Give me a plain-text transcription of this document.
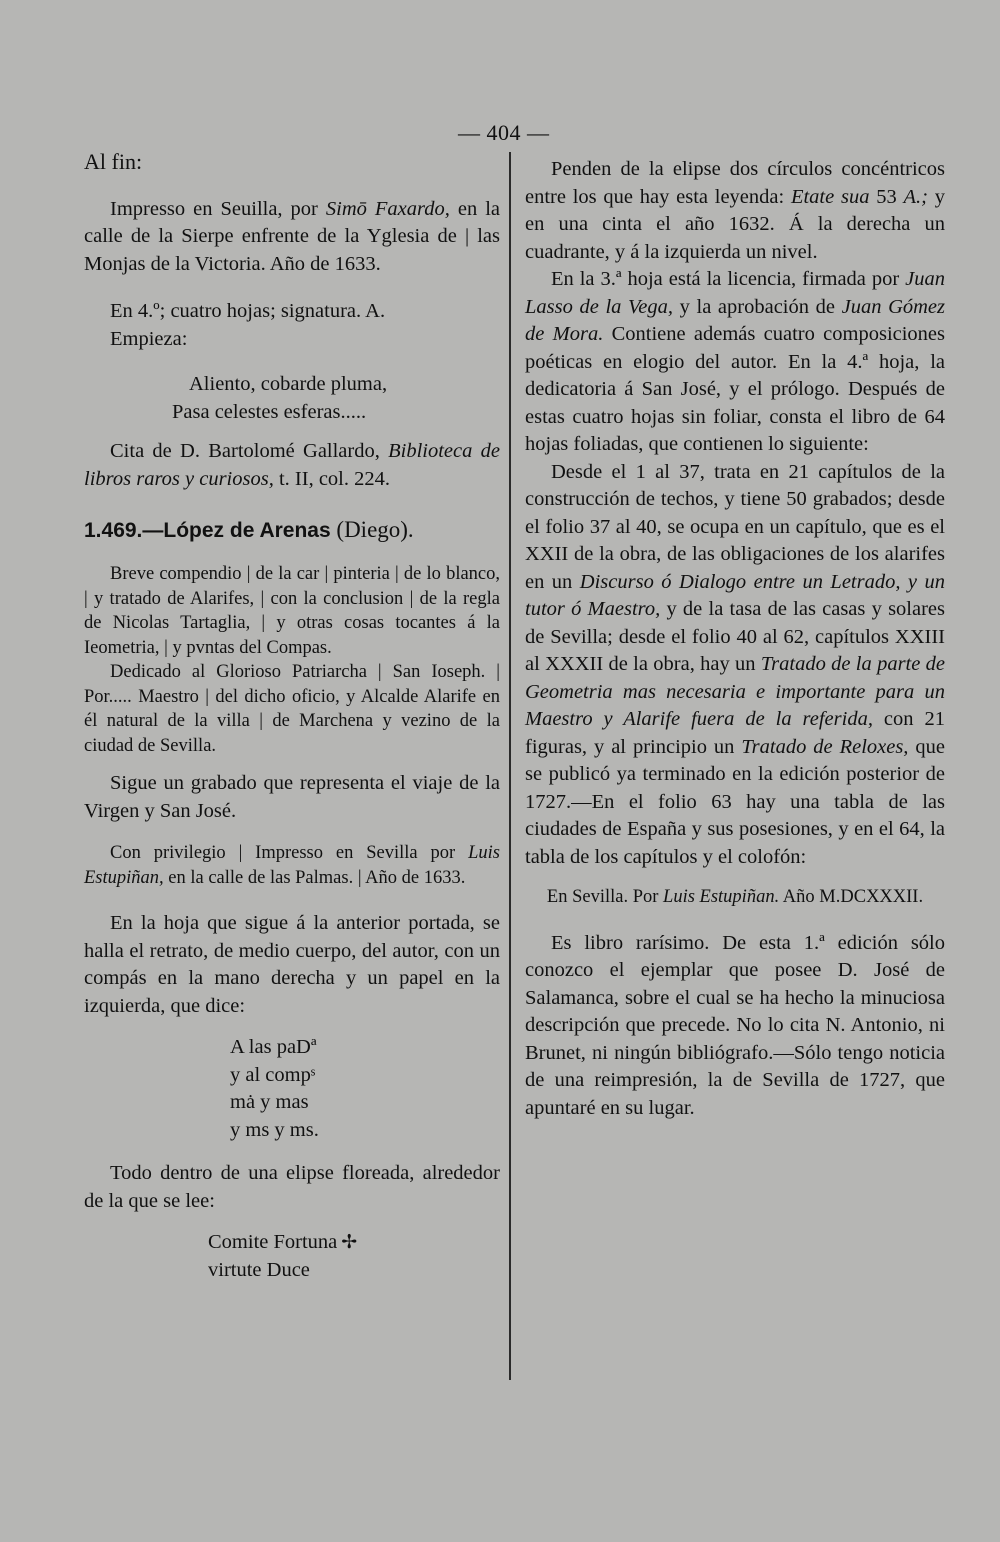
— 404 —

Al fin:

Impresso en Seuilla, por Simō Faxardo, en la calle de la Sierpe enfrente de la Yglesia de | las Monjas de la Victoria. Año de 1633.

En 4.º; cuatro hojas; signatura. A.

Empieza:

Aliento, cobarde pluma,

Pasa celestes esferas.....

Cita de D. Bartolomé Gallardo, Biblioteca de libros raros y curiosos, t. II, col. 224.

1.469.—López de Arenas (Diego).

Breve compendio | de la car | pinteria | de lo blanco, | y tratado de Alarifes, | con la conclusion | de la regla de Nicolas Tartaglia, | y otras cosas tocantes á la Ieometria, | y pvntas del Compas.

Dedicado al Glorioso Patriarcha | San Ioseph. | Por..... Maestro | del dicho oficio, y Alcalde Alarife en él natural de la villa | de Marchena y vezino de la ciudad de Sevilla.

Sigue un grabado que representa el viaje de la Virgen y San José.

Con privilegio | Impresso en Sevilla por Luis Estupiñan, en la calle de las Palmas. | Año de 1633.

En la hoja que sigue á la anterior portada, se halla el retrato, de medio cuerpo, del autor, con un compás en la mano derecha y un papel en la izquierda, que dice:

A las paDª

y al compˢ

mȧ y mas

y ms y ms.

Todo dentro de una elipse floreada, alrededor de la que se lee:

Comite Fortuna ✢

virtute Duce

Penden de la elipse dos círculos concéntricos entre los que hay esta leyenda: Etate sua 53 A.; y en una cinta el año 1632. Á la derecha un cuadrante, y á la izquierda un nivel.

En la 3.ª hoja está la licencia, firmada por Juan Lasso de la Vega, y la aprobación de Juan Gómez de Mora. Contiene además cuatro composiciones poéticas en elogio del autor. En la 4.ª hoja, la dedicatoria á San José, y el prólogo. Después de estas cuatro hojas sin foliar, consta el libro de 64 hojas foliadas, que contienen lo siguiente:

Desde el 1 al 37, trata en 21 capítulos de la construcción de techos, y tiene 50 grabados; desde el folio 37 al 40, se ocupa en un capítulo, que es el XXII de la obra, de las obligaciones de los alarifes en un Discurso ó Dialogo entre un Letrado, y un tutor ó Maestro, y de la tasa de las casas y solares de Sevilla; desde el folio 40 al 62, capítulos XXIII al XXXII de la obra, hay un Tratado de la parte de Geometria mas necesaria e importante para un Maestro y Alarife fuera de la referida, con 21 figuras, y al principio un Tratado de Reloxes, que se publicó ya terminado en la edición posterior de 1727.—En el folio 63 hay una tabla de las ciudades de España y sus posesiones, y en el 64, la tabla de los capítulos y el colofón:

En Sevilla. Por Luis Estupiñan. Año M.DCXXXII.

Es libro rarísimo. De esta 1.ª edición sólo conozco el ejemplar que posee D. José de Salamanca, sobre el cual se ha hecho la minuciosa descripción que precede. No lo cita N. Antonio, ni Brunet, ni ningún bibliógrafo.—Sólo tengo noticia de una reimpresión, la de Sevilla de 1727, que apuntaré en su lugar.
